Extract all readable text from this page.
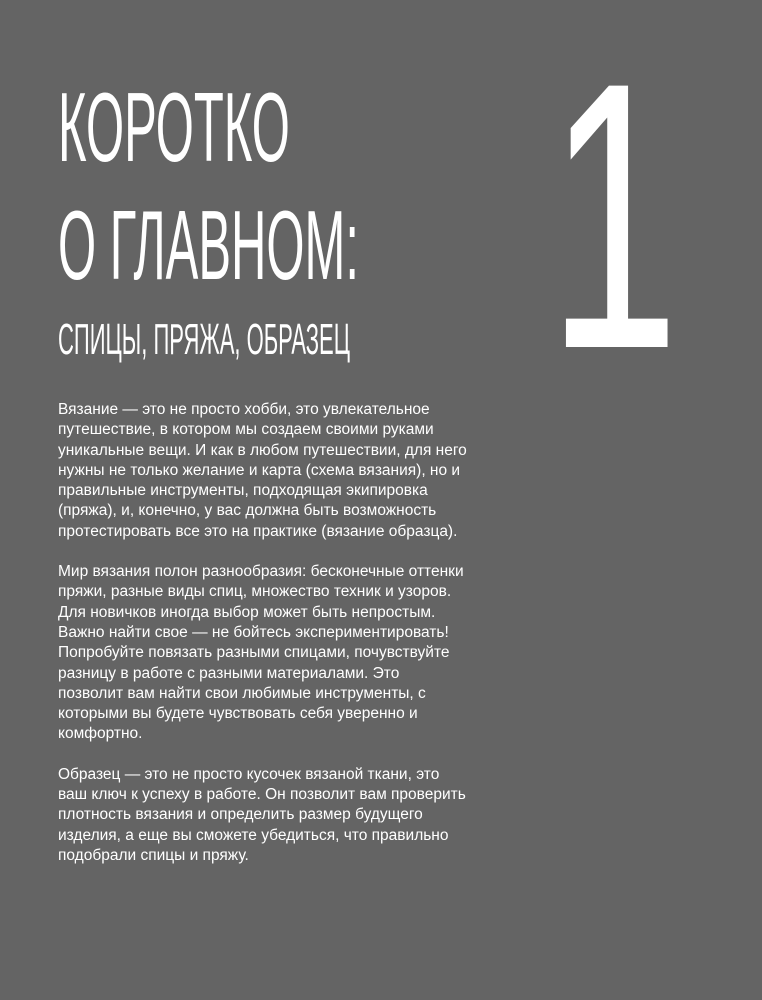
КОРОТКО
О ГЛАВНОМ:
СПИЦЫ, ПРЯЖА, ОБРАЗЕЦ 1

Вязание — это не просто хобби, это увлекательное путешествие, в котором мы создаем своими руками уникальные вещи. И как в любом путешествии, для него нужны не только желание и карта (схема вязания), но и правильные инструменты, подходящая экипировка (пряжа), и, конечно, у вас должна быть возможность протестировать все это на практике (вязание образца).

Мир вязания полон разнообразия: бесконечные оттенки пряжи, разные виды спиц, множество техник и узоров. Для новичков иногда выбор может быть непростым. Важно найти свое — не бойтесь экспериментировать! Попробуйте повязать разными спицами, почувствуйте разницу в работе с разными материалами. Это позволит вам найти свои любимые инструменты, с которыми вы будете чувствовать себя уверенно и комфортно.

Образец — это не просто кусочек вязаной ткани, это ваш ключ к успеху в работе. Он позволит вам проверить плотность вязания и определить размер будущего изделия, а еще вы сможете убедиться, что правильно подобрали спицы и пряжу.
